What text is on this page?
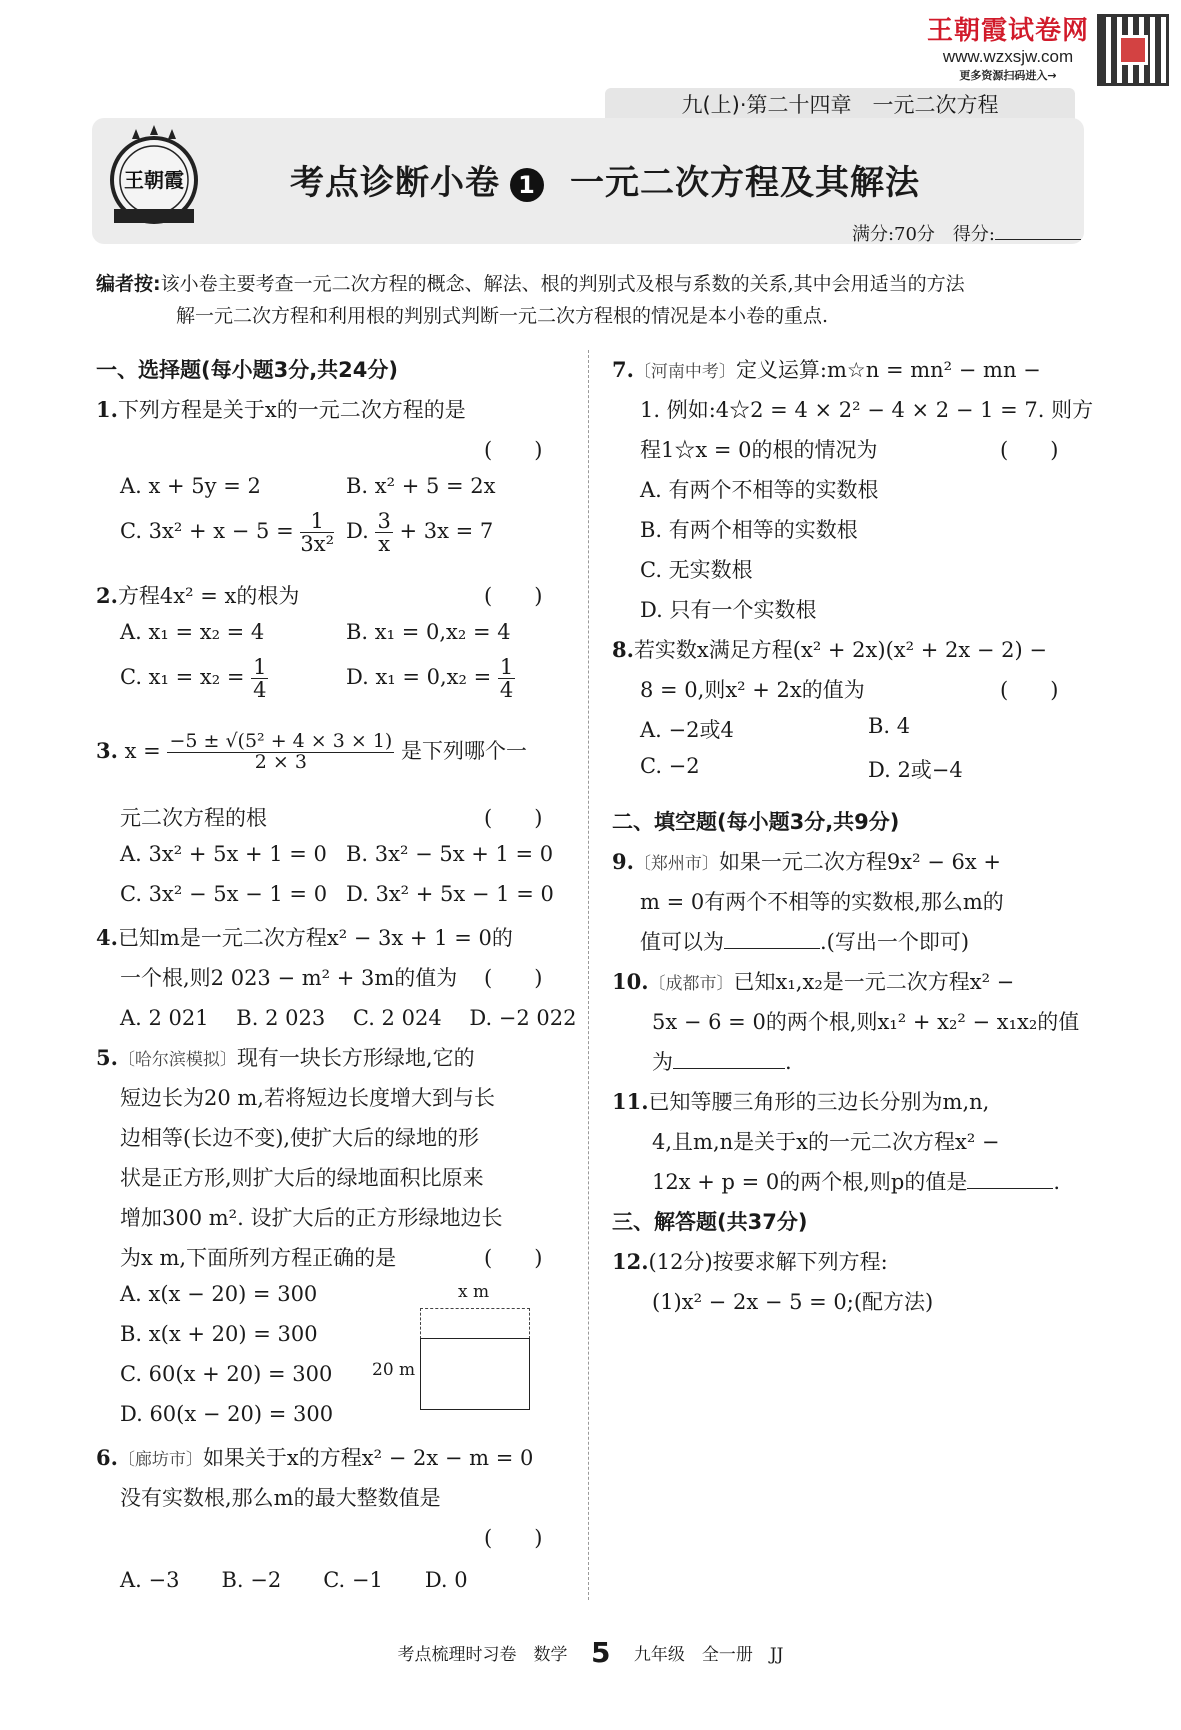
王朝霞试卷网
www.wzxsjw.com
更多资源扫码进入→
九(上)·第二十四章　一元二次方程
王朝霞	考点诊断小卷 1 一元二次方程及其解法
满分:70分　得分:
编者按:该小卷主要考查一元二次方程的概念、解法、根的判别式及根与系数的关系,其中会用适当的方法
解一元二次方程和利用根的判别式判断一元二次方程根的情况是本小卷的重点.
一、选择题(每小题3分,共24分)
1.下列方程是关于x的一元二次方程的是
(　　)
A. x + 5y = 2	B. x² + 5 = 2x
C. $3x^2 + x - 5 = \frac{1}{\text{3x²}} D$. $\frac{3}{x} + 3x = 7$
2.方程4x² = x的根为	(　　)
A. x₁ = x₂ = 4	B. x₁ = 0,x₂ = 4
C. $x_1 = x_2 = \frac{1}{4}$	D. $x_1 = 0,x_2 = \frac{1}{4}$
3. $x = \frac{\text{−5 ± √(5² + 4 × 3 × 1)}}{2 \times 3}$ 是下列哪个一
元二次方程的根	(　　)
A. 3x² + 5x + 1 = 0 B. 3x² − 5x + 1 = 0
C. 3x² − 5x − 1 = 0 D. 3x² + 5x − 1 = 0
4.已知m是一元二次方程x² − 3x + 1 = 0的
一个根,则2 023 − m² + 3m的值为 (　　)
A. 2 021　 B. 2 023　 C. 2 024　 D. −2 022
5.〔哈尔滨模拟〕现有一块长方形绿地,它的
短边长为20 m,若将短边长度增大到与长
边相等(长边不变),使扩大后的绿地的形
状是正方形,则扩大后的绿地面积比原来
增加300 m². 设扩大后的正方形绿地边长
为x m,下面所列方程正确的是	(　　)
A. x(x − 20) = 300
B. x(x + 20) = 300
C. 60(x + 20) = 300
D. 60(x − 20) = 300
x m
20 m
6.〔廊坊市〕如果关于x的方程x² − 2x − m = 0
没有实数根,那么m的最大整数值是
(　　)
A. −3　　B. −2　　C. −1　　D. 0
7.〔河南中考〕定义运算:m☆n = mn² − mn −
1. 例如:4☆2 = 4 × 2² − 4 × 2 − 1 = 7. 则方
程1☆x = 0的根的情况为	(　　)
A. 有两个不相等的实数根
B. 有两个相等的实数根
C. 无实数根
D. 只有一个实数根
8.若实数x满足方程(x² + 2x)(x² + 2x − 2) −
8 = 0,则x² + 2x的值为	(　　)
A. −2或4	B. 4
C. −2	D. 2或−4
二、填空题(每小题3分,共9分)
9.〔郑州市〕如果一元二次方程9x² − 6x +
m = 0有两个不相等的实数根,那么m的
值可以为	.(写出一个即可)
10.〔成都市〕已知x₁,x₂是一元二次方程x² −
5x − 6 = 0的两个根,则x₁² + x₂² − x₁x₂的值
为	.
11.已知等腰三角形的三边长分别为m,n,
4,且m,n是关于x的一元二次方程x² −
12x + p = 0的两个根,则p的值是	.
三、解答题(共37分)
12.(12分)按要求解下列方程:
(1)x² − 2x − 5 = 0;(配方法)
考点梳理时习卷　数学 5 九年级　全一册　JJ
